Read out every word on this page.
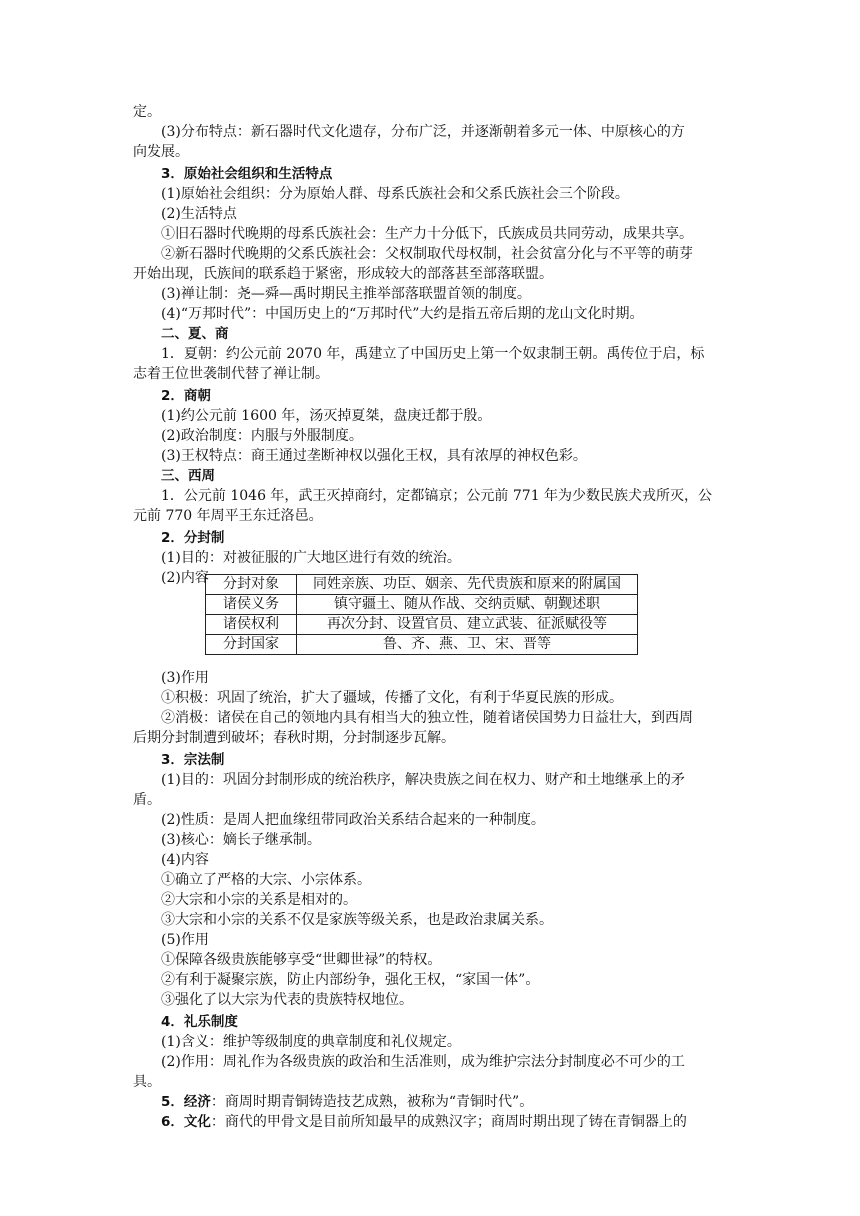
分封对象	同姓亲族、功臣、姻亲、先代贵族和原来的附属国
诸侯义务	镇守疆土、随从作战、交纳贡赋、朝觐述职
诸侯权利	再次分封、设置官员、建立武装、征派赋役等
分封国家	鲁、齐、燕、卫、宋、晋等
定。
(3)分布特点：新石器时代文化遗存，分布广泛，并逐渐朝着多元一体、中原核心的方
向发展。
3．原始社会组织和生活特点
(1)原始社会组织：分为原始人群、母系氏族社会和父系氏族社会三个阶段。
(2)生活特点
①旧石器时代晚期的母系氏族社会：生产力十分低下，氏族成员共同劳动，成果共享。
②新石器时代晚期的父系氏族社会：父权制取代母权制，社会贫富分化与不平等的萌芽
开始出现，氏族间的联系趋于紧密，形成较大的部落甚至部落联盟。
(3)禅让制：尧—舜—禹时期民主推举部落联盟首领的制度。
(4)“万邦时代”：中国历史上的“万邦时代”大约是指五帝后期的龙山文化时期。
二、夏、商
1．夏朝：约公元前 2070 年，禹建立了中国历史上第一个奴隶制王朝。禹传位于启，标
志着王位世袭制代替了禅让制。
2．商朝
(1)约公元前 1600 年，汤灭掉夏桀，盘庚迁都于殷。
(2)政治制度：内服与外服制度。
(3)王权特点：商王通过垄断神权以强化王权，具有浓厚的神权色彩。
三、西周
1．公元前 1046 年，武王灭掉商纣，定都镐京；公元前 771 年为少数民族犬戎所灭，公
元前 770 年周平王东迁洛邑。
2．分封制
(1)目的：对被征服的广大地区进行有效的统治。
(2)内容
(3)作用
①积极：巩固了统治，扩大了疆域，传播了文化，有利于华夏民族的形成。
②消极：诸侯在自己的领地内具有相当大的独立性，随着诸侯国势力日益壮大，到西周
后期分封制遭到破坏；春秋时期，分封制逐步瓦解。
3．宗法制
(1)目的：巩固分封制形成的统治秩序，解决贵族之间在权力、财产和土地继承上的矛
盾。
(2)性质：是周人把血缘纽带同政治关系结合起来的一种制度。
(3)核心：嫡长子继承制。
(4)内容
①确立了严格的大宗、小宗体系。
②大宗和小宗的关系是相对的。
③大宗和小宗的关系不仅是家族等级关系，也是政治隶属关系。
(5)作用
①保障各级贵族能够享受“世卿世禄”的特权。
②有利于凝聚宗族，防止内部纷争，强化王权，“家国一体”。
③强化了以大宗为代表的贵族特权地位。
4．礼乐制度
(1)含义：维护等级制度的典章制度和礼仪规定。
(2)作用：周礼作为各级贵族的政治和生活准则，成为维护宗法分封制度必不可少的工
具。
5．经济：商周时期青铜铸造技艺成熟，被称为“青铜时代”。
6．文化：商代的甲骨文是目前所知最早的成熟汉字；商周时期出现了铸在青铜器上的
